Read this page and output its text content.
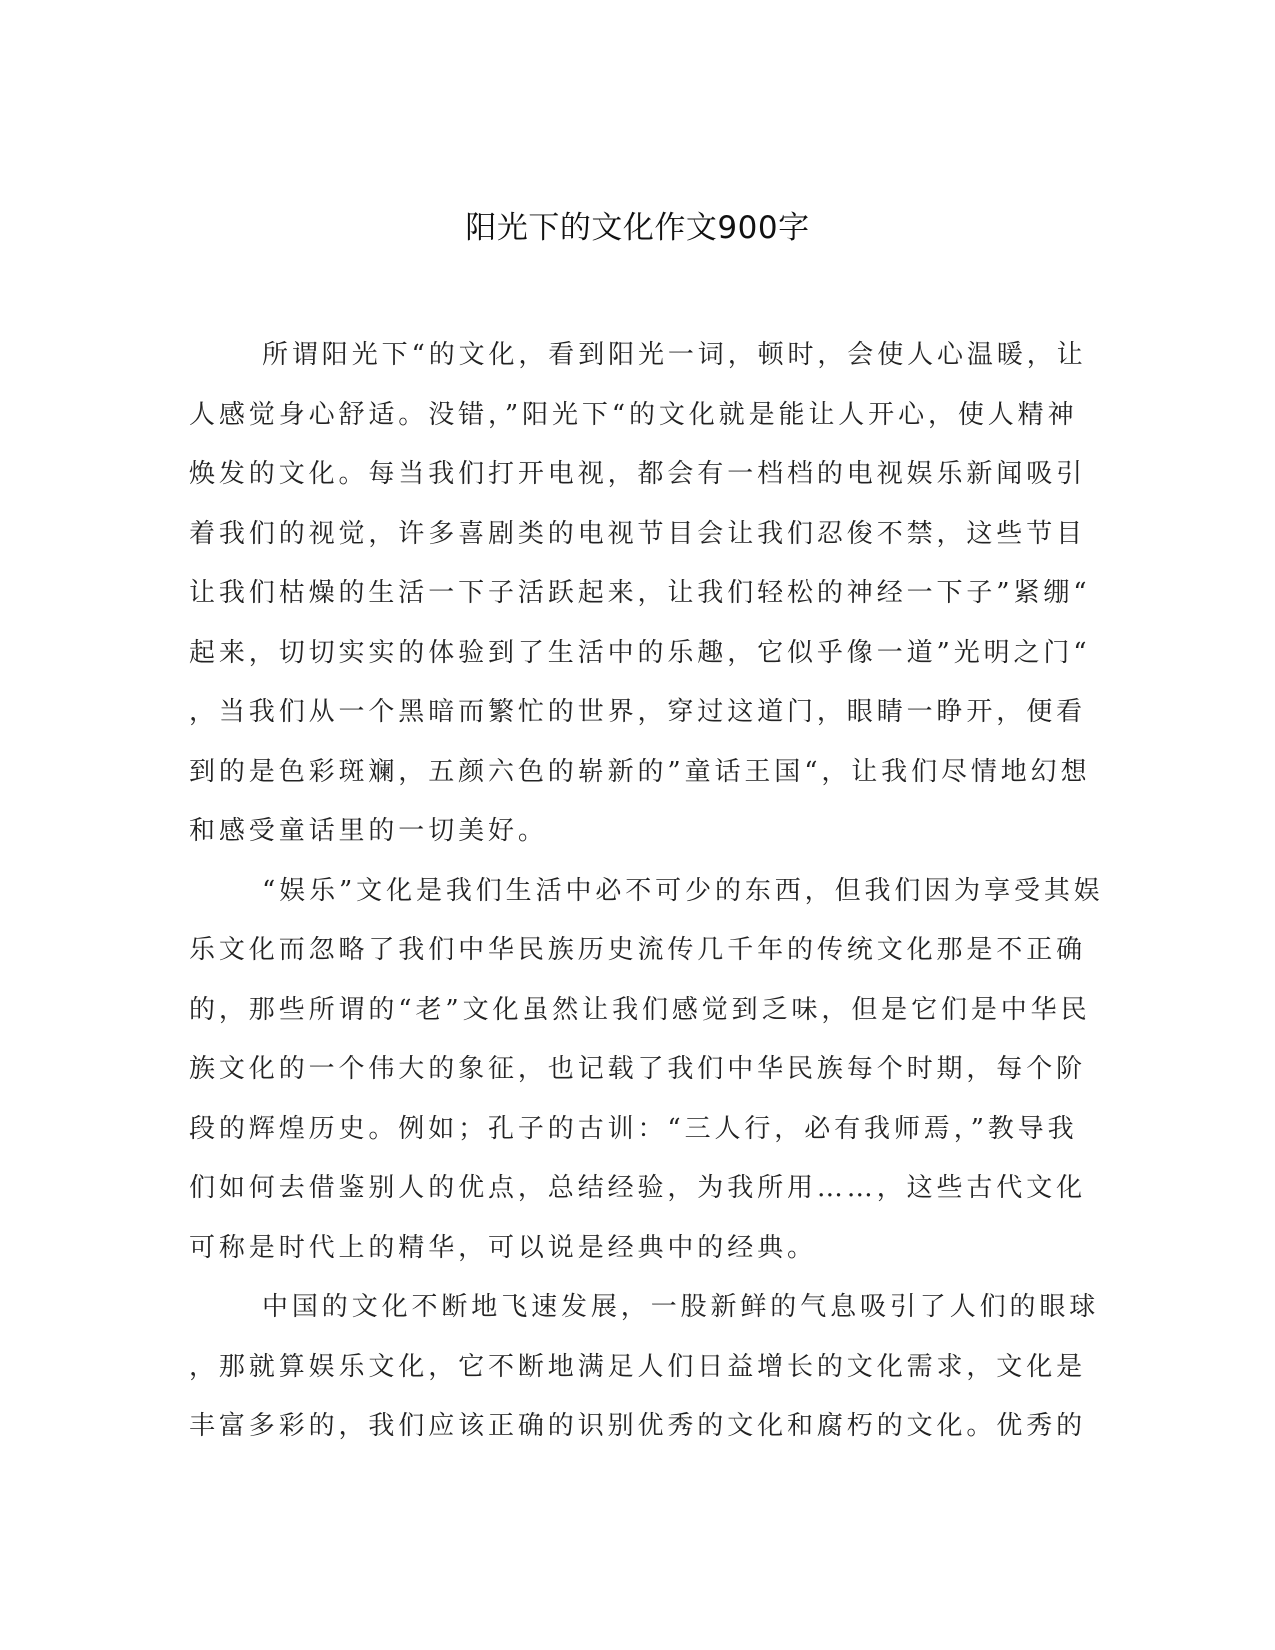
阳光下的文化作文900字
所谓阳光下“的文化，看到阳光一词，顿时，会使人心温暖，让
人感觉身心舒适。没错，”阳光下“的文化就是能让人开心，使人精神
焕发的文化。每当我们打开电视，都会有一档档的电视娱乐新闻吸引
着我们的视觉，许多喜剧类的电视节目会让我们忍俊不禁，这些节目
让我们枯燥的生活一下子活跃起来，让我们轻松的神经一下子”紧绷“
起来，切切实实的体验到了生活中的乐趣，它似乎像一道”光明之门“
，当我们从一个黑暗而繁忙的世界，穿过这道门，眼睛一睁开，便看
到的是色彩斑斓，五颜六色的崭新的”童话王国“，让我们尽情地幻想
和感受童话里的一切美好。
“娱乐”文化是我们生活中必不可少的东西，但我们因为享受其娱
乐文化而忽略了我们中华民族历史流传几千年的传统文化那是不正确
的，那些所谓的“老”文化虽然让我们感觉到乏味，但是它们是中华民
族文化的一个伟大的象征，也记载了我们中华民族每个时期，每个阶
段的辉煌历史。例如；孔子的古训：“三人行，必有我师焉，”教导我
们如何去借鉴别人的优点，总结经验，为我所用……，这些古代文化
可称是时代上的精华，可以说是经典中的经典。
中国的文化不断地飞速发展，一股新鲜的气息吸引了人们的眼球
，那就算娱乐文化，它不断地满足人们日益增长的文化需求，文化是
丰富多彩的，我们应该正确的识别优秀的文化和腐朽的文化。优秀的
